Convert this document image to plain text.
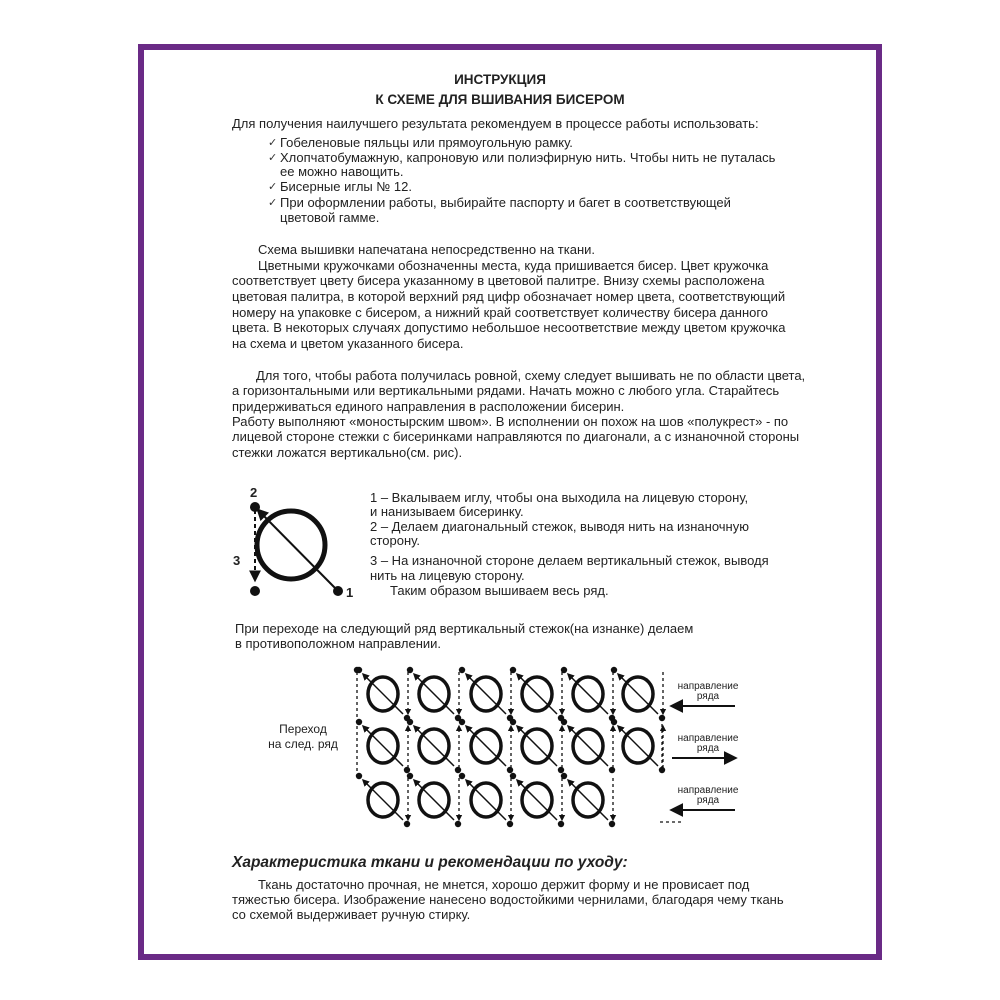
ИНСТРУКЦИЯ
К СХЕМЕ ДЛЯ ВШИВАНИЯ БИСЕРОМ
Для получения наилучшего результата рекомендуем в процессе работы использовать:
✓ Гобеленовые пяльцы или прямоугольную рамку.
✓ Хлопчатобумажную, капроновую или полиэфирную нить. Чтобы нить не путалась
ее можно навощить.
✓ Бисерные иглы № 12.
✓ При оформлении работы, выбирайте паспорту и багет в соответствующей
цветовой гамме.
Схема вышивки напечатана непосредственно на ткани.
Цветными кружочками обозначенны места, куда пришивается бисер. Цвет кружочка
соответствует цвету бисера указанному в цветовой палитре. Внизу схемы расположена
цветовая палитра, в которой верхний ряд цифр обозначает номер цвета, соответствующий
номеру на упаковке с бисером, а нижний край соответствует количеству бисера данного
цвета. В некоторых случаях допустимо небольшое несоответствие между цветом кружочка
на схема и цветом указанного бисера.
Для того, чтобы работа получилась ровной, схему следует вышивать не по области цвета,
а горизонтальными или вертикальными рядами. Начать можно с любого угла. Старайтесь
придерживаться единого направления в расположении бисерин.
Работу выполняют «моностырским швом». В исполнении он похож на шов «полукрест» - по
лицевой стороне стежки с бисеринками направляются по диагонали, а с изнаночной стороны
стежки ложатся вертикально(см. рис).
2
3
1
1 – Вкалываем иглу, чтобы она выходила на лицевую сторону,
и нанизываем бисеринку.
2 – Делаем диагональный стежок, выводя нить на изнаночную
сторону.
3 – На изнаночной стороне делаем вертикальный стежок, выводя
нить на лицевую сторону.
Таким образом вышиваем весь ряд.
При переходе на следующий ряд вертикальный стежок(на изнанке) делаем
в противоположном направлении.
Переход
на след. ряд
направление
ряда
направление
ряда
направление
ряда
Характеристика ткани и рекомендации по уходу:
Ткань достаточно прочная, не мнется, хорошо держит форму и не провисает под
тяжестью бисера. Изображение нанесено водостойкими чернилами, благодаря чему ткань
со схемой выдерживает ручную стирку.
